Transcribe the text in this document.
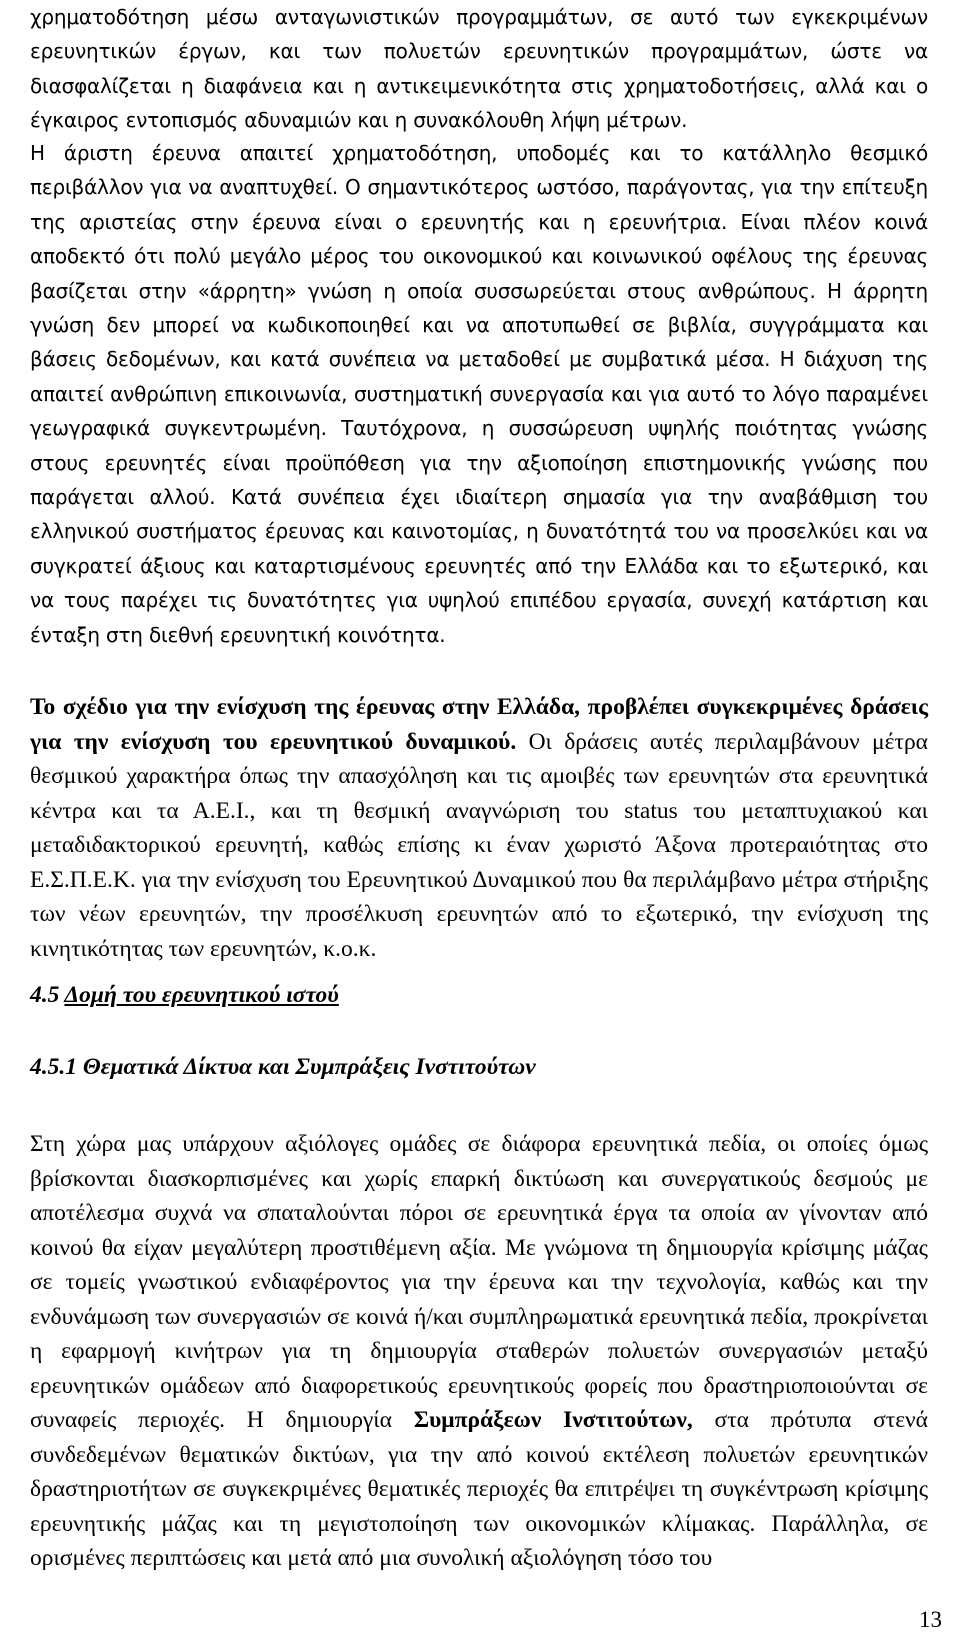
χρηματοδότηση μέσω ανταγωνιστικών προγραμμάτων, σε αυτό των εγκεκριμένων ερευνητικών έργων, και των πολυετών ερευνητικών προγραμμάτων, ώστε να διασφαλίζεται η διαφάνεια και η αντικειμενικότητα στις χρηματοδοτήσεις, αλλά και ο έγκαιρος εντοπισμός αδυναμιών και η συνακόλουθη λήψη μέτρων.

Η άριστη έρευνα απαιτεί χρηματοδότηση, υποδομές και το κατάλληλο θεσμικό περιβάλλον για να αναπτυχθεί. Ο σημαντικότερος ωστόσο, παράγοντας, για την επίτευξη της αριστείας στην έρευνα είναι ο ερευνητής και η ερευνήτρια. Είναι πλέον κοινά αποδεκτό ότι πολύ μεγάλο μέρος του οικονομικού και κοινωνικού οφέλους της έρευνας βασίζεται στην «άρρητη» γνώση η οποία συσσωρεύεται στους ανθρώπους. Η άρρητη γνώση δεν μπορεί να κωδικοποιηθεί και να αποτυπωθεί σε βιβλία, συγγράμματα και βάσεις δεδομένων, και κατά συνέπεια να μεταδοθεί με συμβατικά μέσα. Η διάχυση της απαιτεί ανθρώπινη επικοινωνία, συστηματική συνεργασία και για αυτό το λόγο παραμένει γεωγραφικά συγκεντρωμένη. Ταυτόχρονα, η συσσώρευση υψηλής ποιότητας γνώσης στους ερευνητές είναι προϋπόθεση για την αξιοποίηση επιστημονικής γνώσης που παράγεται αλλού. Κατά συνέπεια έχει ιδιαίτερη σημασία για την αναβάθμιση του ελληνικού συστήματος έρευνας και καινοτομίας, η δυνατότητά του να προσελκύει και να συγκρατεί άξιους και καταρτισμένους ερευνητές από την Ελλάδα και το εξωτερικό, και να τους παρέχει τις δυνατότητες για υψηλού επιπέδου εργασία, συνεχή κατάρτιση και ένταξη στη διεθνή ερευνητική κοινότητα.

Το σχέδιο για την ενίσχυση της έρευνας στην Ελλάδα, προβλέπει συγκεκριμένες δράσεις για την ενίσχυση του ερευνητικού δυναμικού. Οι δράσεις αυτές περιλαμβάνουν μέτρα θεσμικού χαρακτήρα όπως την απασχόληση και τις αμοιβές των ερευνητών στα ερευνητικά κέντρα και τα Α.Ε.Ι., και τη θεσμική αναγνώριση του status του μεταπτυχιακού και μεταδιδακτορικού ερευνητή, καθώς επίσης κι έναν χωριστό Άξονα προτεραιότητας στο Ε.Σ.Π.Ε.Κ. για την ενίσχυση του Ερευνητικού Δυναμικού που θα περιλάμβανο μέτρα στήριξης των νέων ερευνητών, την προσέλκυση ερευνητών από το εξωτερικό, την ενίσχυση της κινητικότητας των ερευνητών, κ.ο.κ.

4.5 Δομή του ερευνητικού ιστού
4.5.1 Θεματικά Δίκτυα και Συμπράξεις Ινστιτούτων

Στη χώρα μας υπάρχουν αξιόλογες ομάδες σε διάφορα ερευνητικά πεδία, οι οποίες όμως βρίσκονται διασκορπισμένες και χωρίς επαρκή δικτύωση και συνεργατικούς δεσμούς με αποτέλεσμα συχνά να σπαταλούνται πόροι σε ερευνητικά έργα τα οποία αν γίνονταν από κοινού θα είχαν μεγαλύτερη προστιθέμενη αξία. Με γνώμονα τη δημιουργία κρίσιμης μάζας σε τομείς γνωστικού ενδιαφέροντος για την έρευνα και την τεχνολογία, καθώς και την ενδυνάμωση των συνεργασιών σε κοινά ή/και συμπληρωματικά ερευνητικά πεδία, προκρίνεται η εφαρμογή κινήτρων για τη δημιουργία σταθερών πολυετών συνεργασιών μεταξύ ερευνητικών ομάδεων από διαφορετικούς ερευνητικούς φορείς που δραστηριοποιούνται σε συναφείς περιοχές. Η δημιουργία Συμπράξεων Ινστιτούτων, στα πρότυπα στενά συνδεδεμένων θεματικών δικτύων, για την από κοινού εκτέλεση πολυετών ερευνητικών δραστηριοτήτων σε συγκεκριμένες θεματικές περιοχές θα επιτρέψει τη συγκέντρωση κρίσιμης ερευνητικής μάζας και τη μεγιστοποίηση των οικονομικών κλίμακας. Παράλληλα, σε ορισμένες περιπτώσεις και μετά από μια συνολική αξιολόγηση τόσο του

13
